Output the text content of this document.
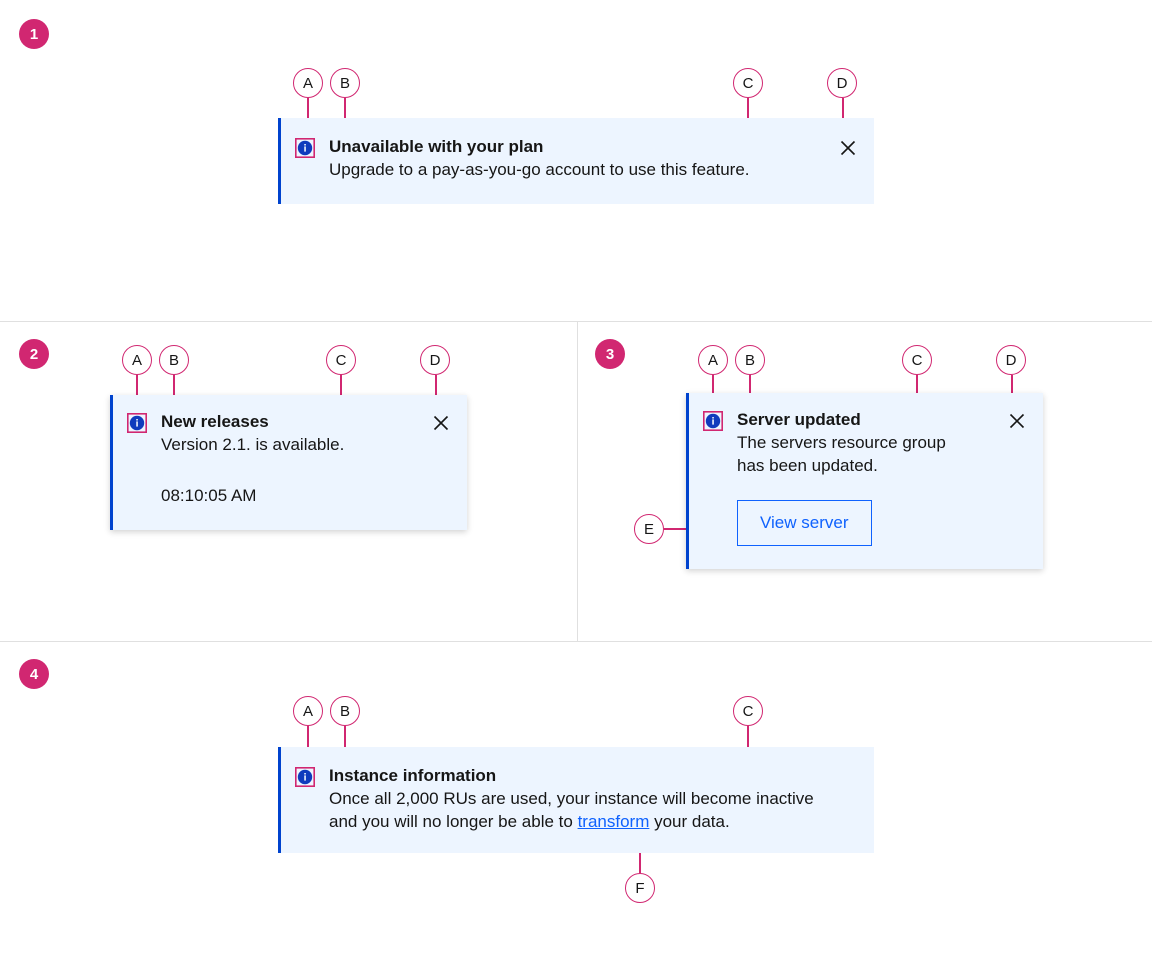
1
A	B	C	D

Unavailable with your plan

Upgrade to a pay-as-you-go account to use this feature.

2	A	B	C	D

New releases

Version 2.1. is available.

08:10:05 AM
3	A	B	C	D
E

Server updated

The servers resource group

has been updated.

View server
4
A	B	C
F

Instance information

Once all 2,000 RUs are used, your instance will become inactive

and you will no longer be able to transform your data.
